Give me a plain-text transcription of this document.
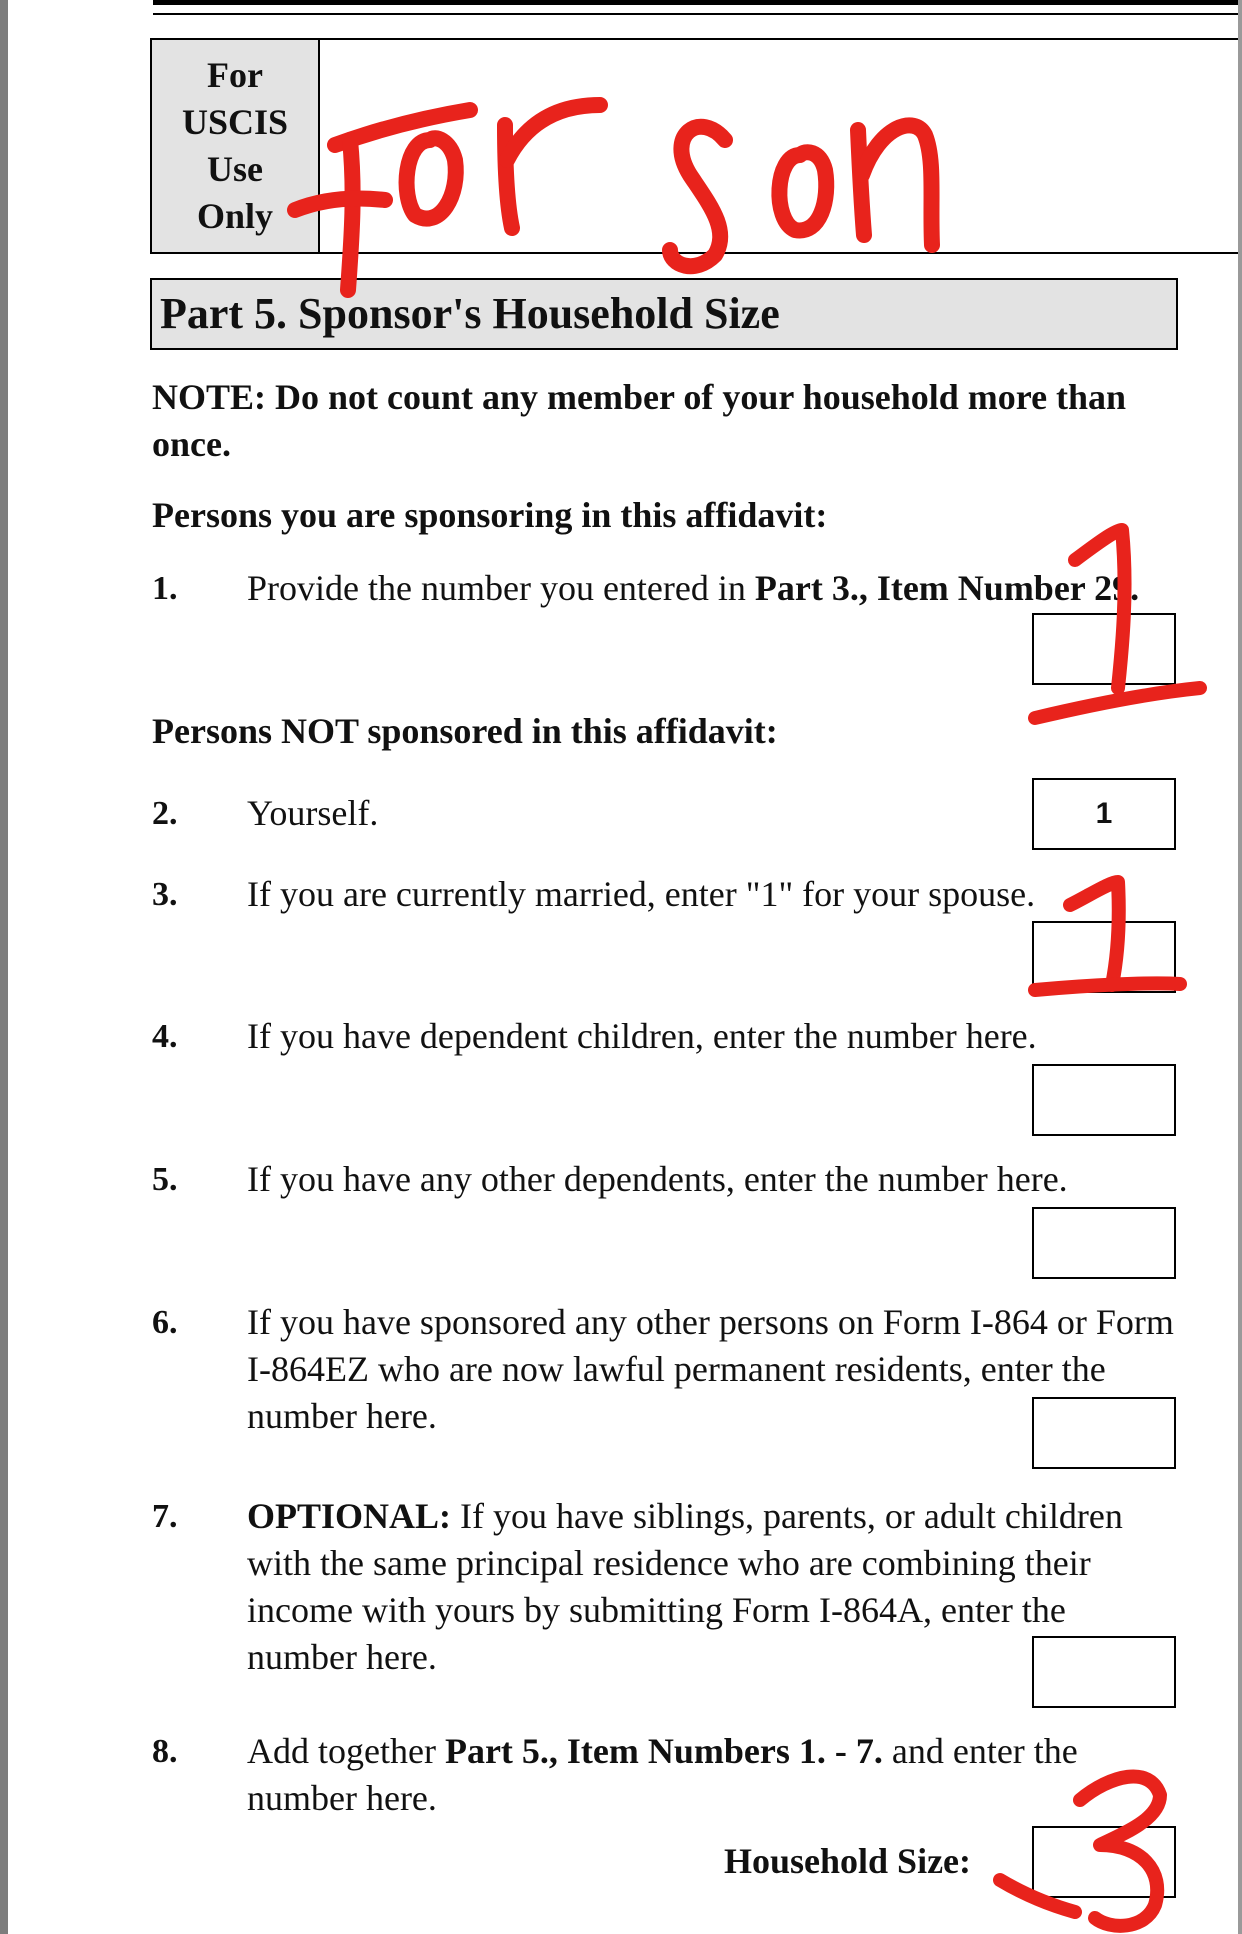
For
USCIS
Use
Only
Part 5. Sponsor's Household Size
NOTE: Do not count any member of your household more than once.
Persons you are sponsoring in this affidavit:
1. Provide the number you entered in Part 3., Item Number 29.
Persons NOT sponsored in this affidavit:
2. Yourself.	1
3. If you are currently married, enter "1" for your spouse.
4. If you have dependent children, enter the number here.
5. If you have any other dependents, enter the number here.
6. If you have sponsored any other persons on Form I-864 or Form I-864EZ who are now lawful permanent residents, enter the number here.
7. OPTIONAL: If you have siblings, parents, or adult children with the same principal residence who are combining their income with yours by submitting Form I-864A, enter the number here.
8. Add together Part 5., Item Numbers 1. - 7. and enter the number here.
Household Size:
